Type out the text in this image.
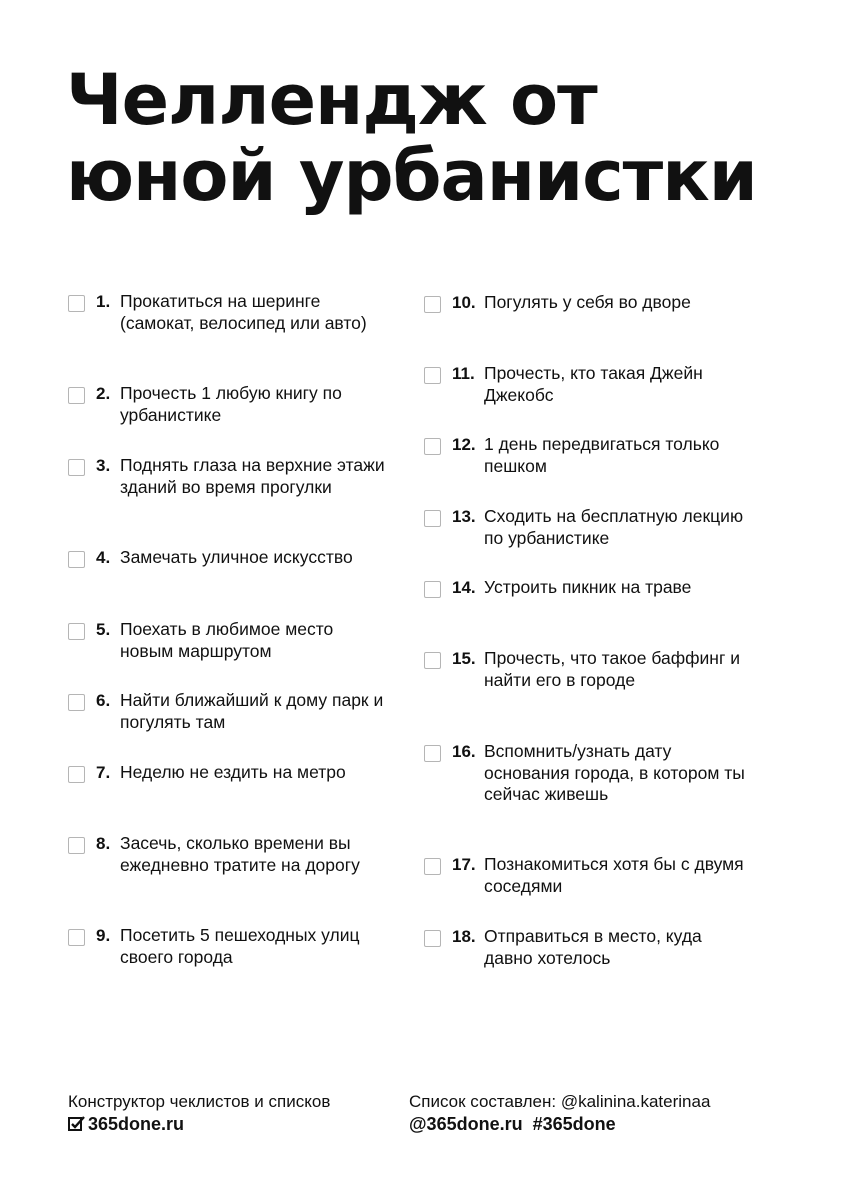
Челлендж от
юной урбанистки
1. Прокатиться на шеринге (самокат, велосипед или авто)
2. Прочесть 1 любую книгу по урбанистике
3. Поднять глаза на верхние этажи зданий во время прогулки
4. Замечать уличное искусство
5. Поехать в любимое место новым маршрутом
6. Найти ближайший к дому парк и погулять там
7. Неделю не ездить на метро
8. Засечь, сколько времени вы ежедневно тратите на дорогу
9. Посетить 5 пешеходных улиц своего города
10. Погулять у себя во дворе
11. Прочесть, кто такая Джейн Джекобс
12. 1 день передвигаться только пешком
13. Сходить на бесплатную лекцию по урбанистике
14. Устроить пикник на траве
15. Прочесть, что такое баффинг и найти его в городе
16. Вспомнить/узнать дату основания города, в котором ты сейчас живешь
17. Познакомиться хотя бы с двумя соседями
18. Отправиться в место, куда давно хотелось
Конструктор чеклистов и списков
365done.ru
Список составлен: @kalinina.katerinaa
@365done.ru  #365done
